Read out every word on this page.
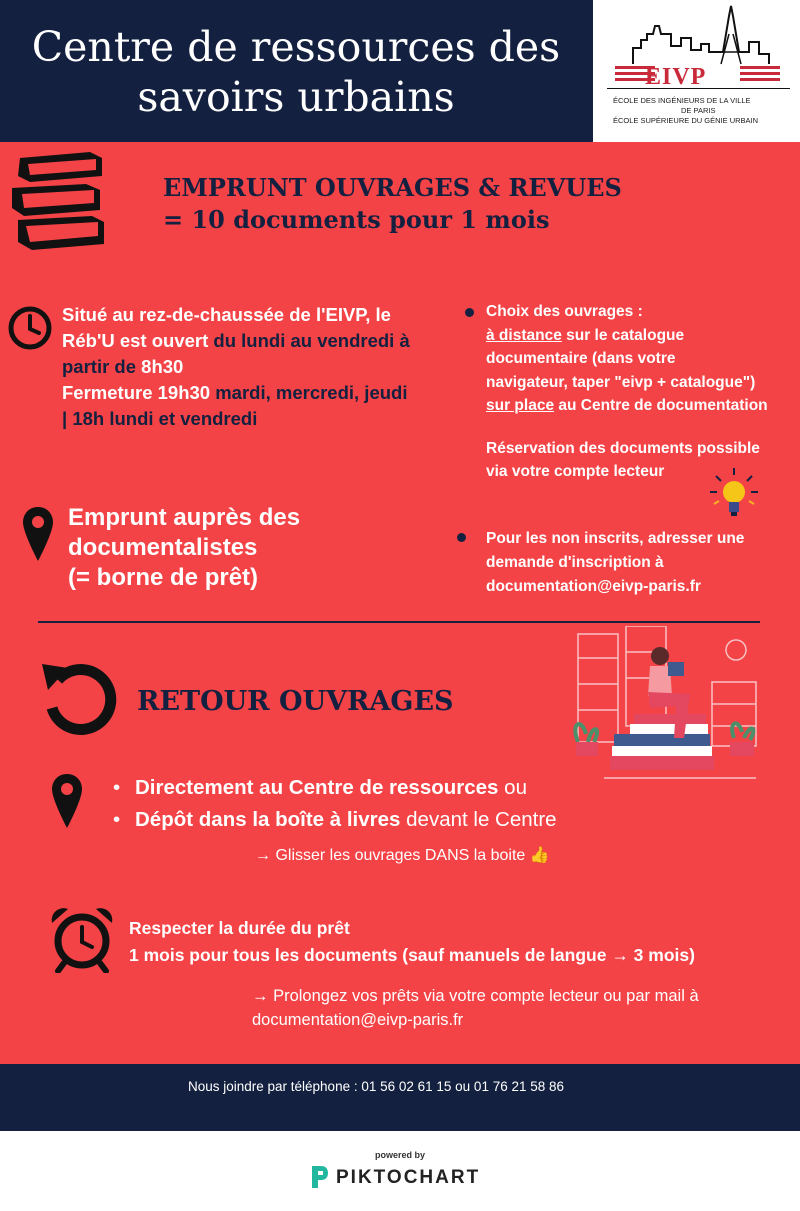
Centre de ressources des
savoirs urbains	ÉCOLE DES INGÉNIEURS DE LA VILLE
DE PARIS
ÉCOLE SUPÉRIEURE DU GÉNIE URBAIN
EIVP
EMPRUNT OUVRAGES & REVUES
= 10 documents pour 1 mois
Situé au rez-de-chaussée de l'EIVP, le
Réb'U est ouvert du lundi au vendredi à
partir de 8h30
Fermeture 19h30 mardi, mercredi, jeudi
| 18h lundi et vendredi
Emprunt auprès des
documentalistes
(= borne de prêt)
Choix des ouvrages :
à distance sur le catalogue
documentaire (dans votre
navigateur, taper "eivp + catalogue")
sur place au Centre de documentation
Réservation des documents possible
via votre compte lecteur
Pour les non inscrits, adresser une
demande d'inscription à
documentation@eivp-paris.fr
RETOUR OUVRAGES
• Directement au Centre de ressources ou
• Dépôt dans la boîte à livres devant le Centre
→ Glisser les ouvrages DANS la boite 👍
Respecter la durée du prêt
1 mois pour tous les documents (sauf manuels de langue → 3 mois)
→ Prolongez vos prêts via votre compte lecteur ou par mail à
documentation@eivp-paris.fr
Nous joindre par téléphone : 01 56 02 61 15 ou 01 76 21 58 86
powered by
PIKTOCHART
